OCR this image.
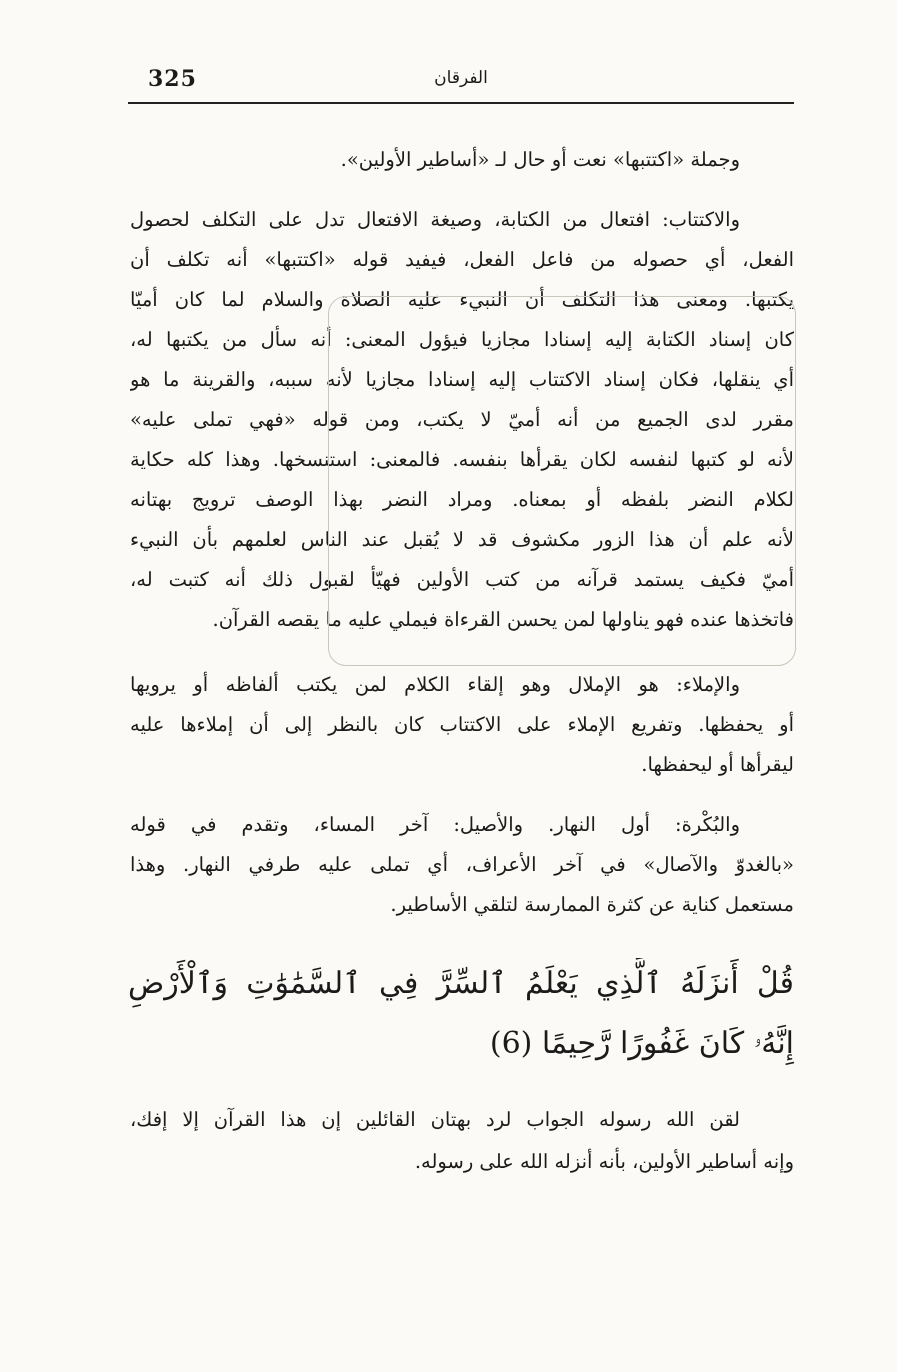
325	الفرقان
وجملة «اكتتبها» نعت أو حال لـ «أساطير الأولين».
والاكتتاب: افتعال من الكتابة، وصيغة الافتعال تدل على التكلف لحصول
الفعل، أي حصوله من فاعل الفعل، فيفيد قوله «اكتتبها» أنه تكلف أن
يكتبها. ومعنى هذا التكلف أن النبيء عليه الصلاة والسلام لما كان أميّا
كان إسناد الكتابة إليه إسنادا مجازيا فيؤول المعنى: أنه سأل من يكتبها له،
أي ينقلها، فكان إسناد الاكتتاب إليه إسنادا مجازيا لأنه سببه، والقرينة ما هو
مقرر لدى الجميع من أنه أميّ لا يكتب، ومن قوله «فهي تملى عليه»
لأنه لو كتبها لنفسه لكان يقرأها بنفسه. فالمعنى: استنسخها. وهذا كله حكاية
لكلام النضر بلفظه أو بمعناه. ومراد النضر بهذا الوصف ترويج بهتانه
لأنه علم أن هذا الزور مكشوف قد لا يُقبل عند الناس لعلمهم بأن النبيء
أميّ فكيف يستمد قرآنه من كتب الأولين فهيّأ لقبول ذلك أنه كتبت له،
فاتخذها عنده فهو يناولها لمن يحسن القرءاة فيملي عليه ما يقصه القرآن.
والإملاء: هو الإملال وهو إلقاء الكلام لمن يكتب ألفاظه أو يرويها
أو يحفظها. وتفريع الإملاء على الاكتتاب كان بالنظر إلى أن إملاءها عليه
ليقرأها أو ليحفظها.
والبُكْرة: أول النهار. والأصيل: آخر المساء، وتقدم في قوله
«بالغدوّ والآصال» في آخر الأعراف، أي تملى عليه طرفي النهار. وهذا
مستعمل كناية عن كثرة الممارسة لتلقي الأساطير.
قُلْ أَنزَلَهُ ٱلَّذِي يَعْلَمُ ٱلسِّرَّ فِي ٱلسَّمَٰوَٰتِ وَٱلْأَرْضِ
إِنَّهُۥ كَانَ غَفُورًا رَّحِيمًا (6)
لقن الله رسوله الجواب لرد بهتان القائلين إن هذا القرآن إلا إفك،
وإنه أساطير الأولين، بأنه أنزله الله على رسوله.
